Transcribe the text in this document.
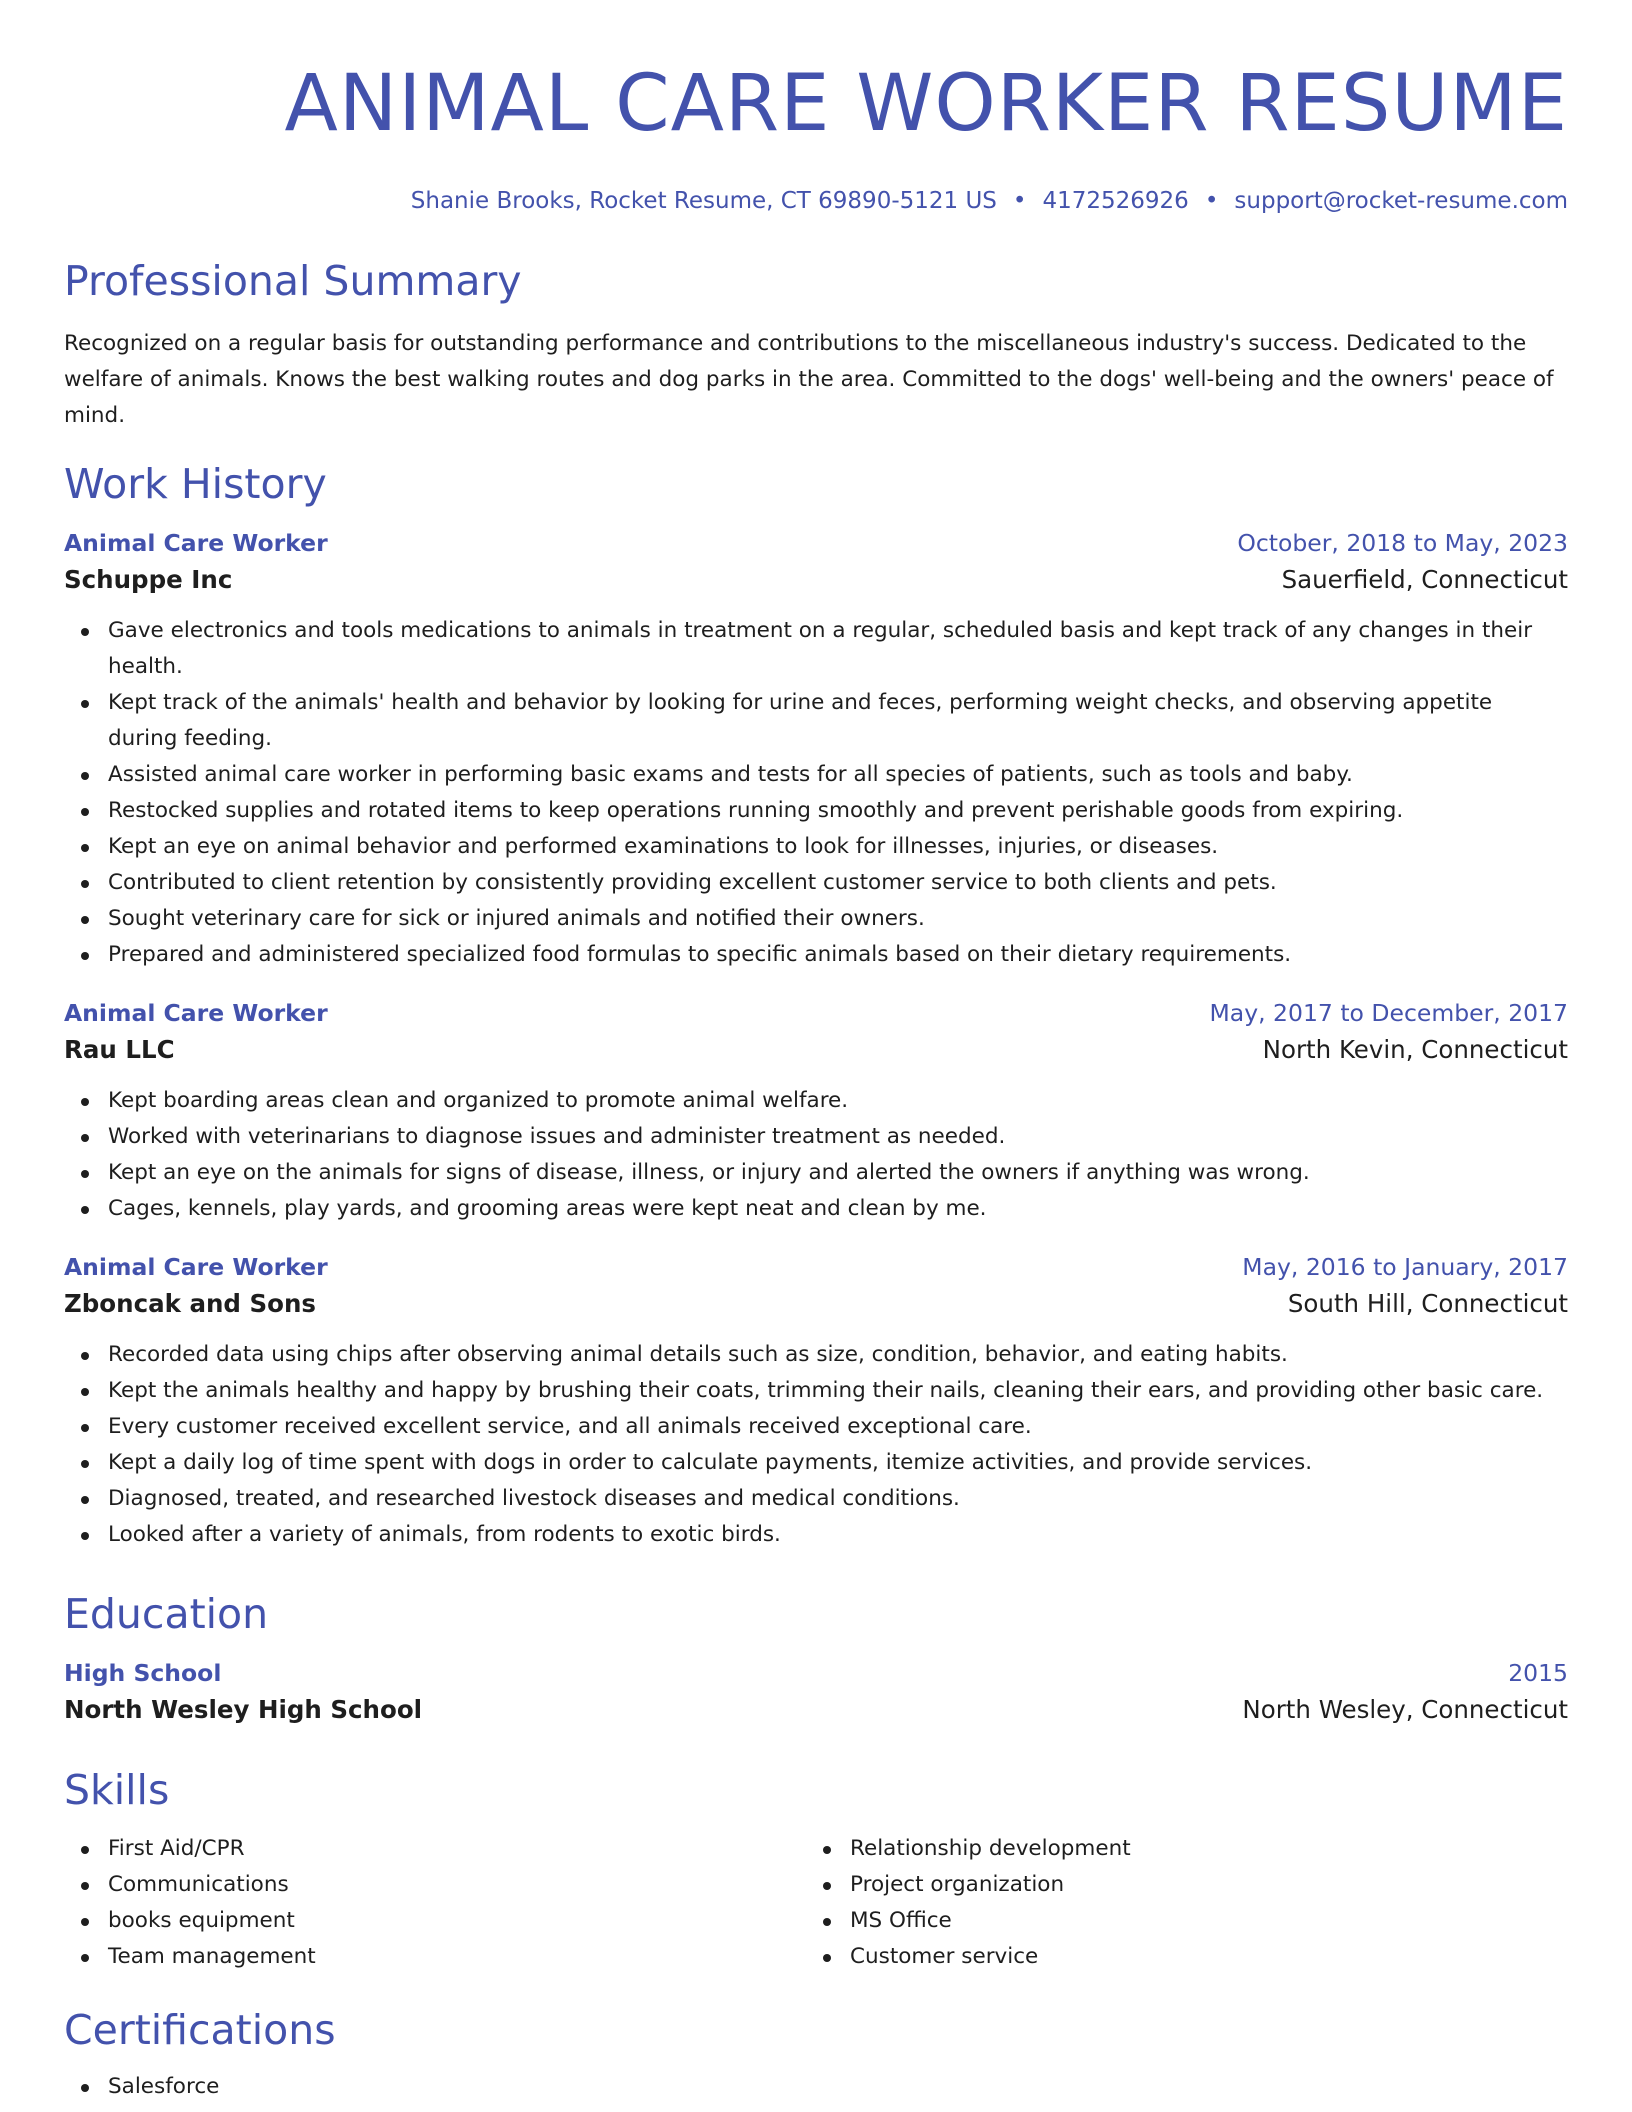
ANIMAL CARE WORKER RESUME
Shanie Brooks, Rocket Resume, CT 69890-5121 US • 4172526926 • support@rocket-resume.com
Professional Summary

Recognized on a regular basis for outstanding performance and contributions to the miscellaneous industry's success. Dedicated to the welfare of animals. Knows the best walking routes and dog parks in the area. Committed to the dogs' well-being and the owners' peace of mind.

Work History
Animal Care Worker	October, 2018 to May, 2023
Schuppe Inc	Sauerfield, Connecticut
Gave electronics and tools medications to animals in treatment on a regular, scheduled basis and kept track of any changes in their health.
Kept track of the animals' health and behavior by looking for urine and feces, performing weight checks, and observing appetite during feeding.
Assisted animal care worker in performing basic exams and tests for all species of patients, such as tools and baby.
Restocked supplies and rotated items to keep operations running smoothly and prevent perishable goods from expiring.
Kept an eye on animal behavior and performed examinations to look for illnesses, injuries, or diseases.
Contributed to client retention by consistently providing excellent customer service to both clients and pets.
Sought veterinary care for sick or injured animals and notified their owners.
Prepared and administered specialized food formulas to specific animals based on their dietary requirements.
Animal Care Worker	May, 2017 to December, 2017
Rau LLC	North Kevin, Connecticut
Kept boarding areas clean and organized to promote animal welfare.
Worked with veterinarians to diagnose issues and administer treatment as needed.
Kept an eye on the animals for signs of disease, illness, or injury and alerted the owners if anything was wrong.
Cages, kennels, play yards, and grooming areas were kept neat and clean by me.
Animal Care Worker	May, 2016 to January, 2017
Zboncak and Sons	South Hill, Connecticut
Recorded data using chips after observing animal details such as size, condition, behavior, and eating habits.
Kept the animals healthy and happy by brushing their coats, trimming their nails, cleaning their ears, and providing other basic care.
Every customer received excellent service, and all animals received exceptional care.
Kept a daily log of time spent with dogs in order to calculate payments, itemize activities, and provide services.
Diagnosed, treated, and researched livestock diseases and medical conditions.
Looked after a variety of animals, from rodents to exotic birds.
Education
High School	2015
North Wesley High School	North Wesley, Connecticut
Skills
First Aid/CPR
Communications
books equipment
Team management
Relationship development
Project organization
MS Office
Customer service
Certifications
Salesforce
